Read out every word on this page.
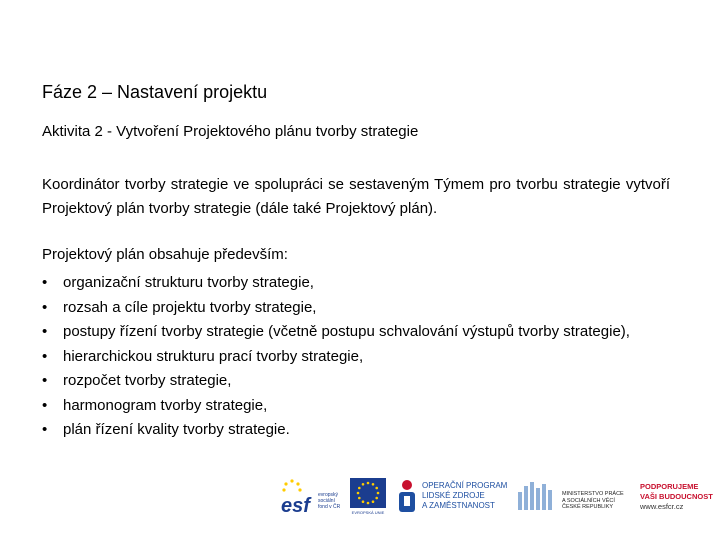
Fáze 2 – Nastavení projektu
Aktivita 2 - Vytvoření Projektového plánu tvorby strategie
Koordinátor tvorby strategie ve spolupráci se sestaveným Týmem pro tvorbu strategie vytvoří Projektový plán tvorby strategie (dále také Projektový plán).
Projektový plán obsahuje především:
• organizační strukturu tvorby strategie,
• rozsah a cíle projektu tvorby strategie,
• postupy řízení tvorby strategie (včetně postupu schvalování výstupů tvorby strategie),
• hierarchickou strukturu prací tvorby strategie,
• rozpočet tvorby strategie,
• harmonogram tvorby strategie,
• plán řízení kvality tvorby strategie.
esf	evropský sociální fond v ČR
EVROPSKÁ UNIE
OPERAČNÍ PROGRAM
LIDSKÉ ZDROJE
A ZAMĚSTNANOST
MINISTERSTVO PRÁCE
A SOCIÁLNÍCH VĚCÍ
ČESKÉ REPUBLIKY
PODPORUJEME
VAŠI BUDOUCNOST
www.esfcr.cz
